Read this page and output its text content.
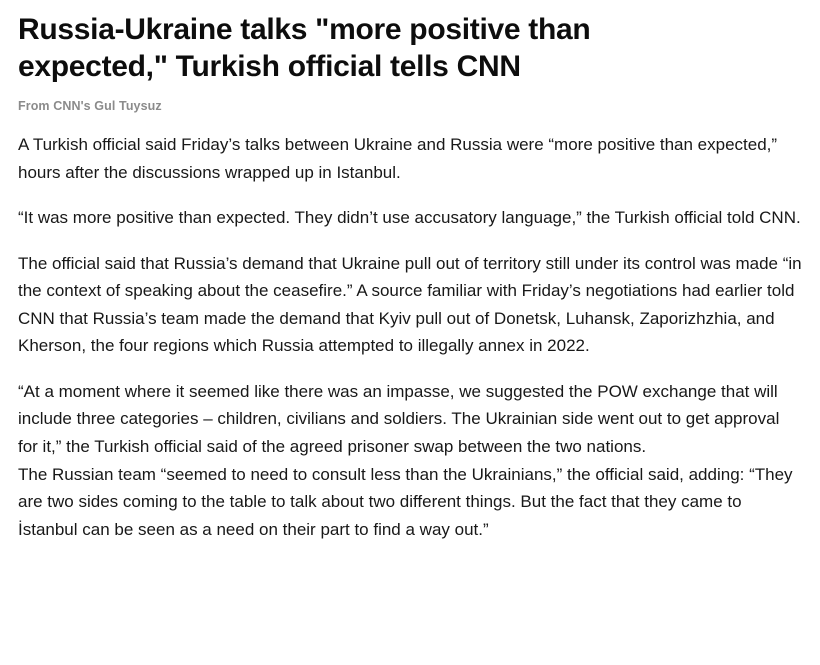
Russia-Ukraine talks "more positive than expected," Turkish official tells CNN
From CNN's Gul Tuysuz

A Turkish official said Friday’s talks between Ukraine and Russia were “more positive than expected,” hours after the discussions wrapped up in Istanbul.

“It was more positive than expected. They didn’t use accusatory language,” the Turkish official told CNN.

The official said that Russia’s demand that Ukraine pull out of territory still under its control was made “in the context of speaking about the ceasefire.” A source familiar with Friday’s negotiations had earlier told CNN that Russia’s team made the demand that Kyiv pull out of Donetsk, Luhansk, Zaporizhzhia, and Kherson, the four regions which Russia attempted to illegally annex in 2022.

“At a moment where it seemed like there was an impasse, we suggested the POW exchange that will include three categories – children, civilians and soldiers. The Ukrainian side went out to get approval for it,” the Turkish official said of the agreed prisoner swap between the two nations.

The Russian team “seemed to need to consult less than the Ukrainians,” the official said, adding: “They are two sides coming to the table to talk about two different things. But the fact that they came to İstanbul can be seen as a need on their part to find a way out.”
